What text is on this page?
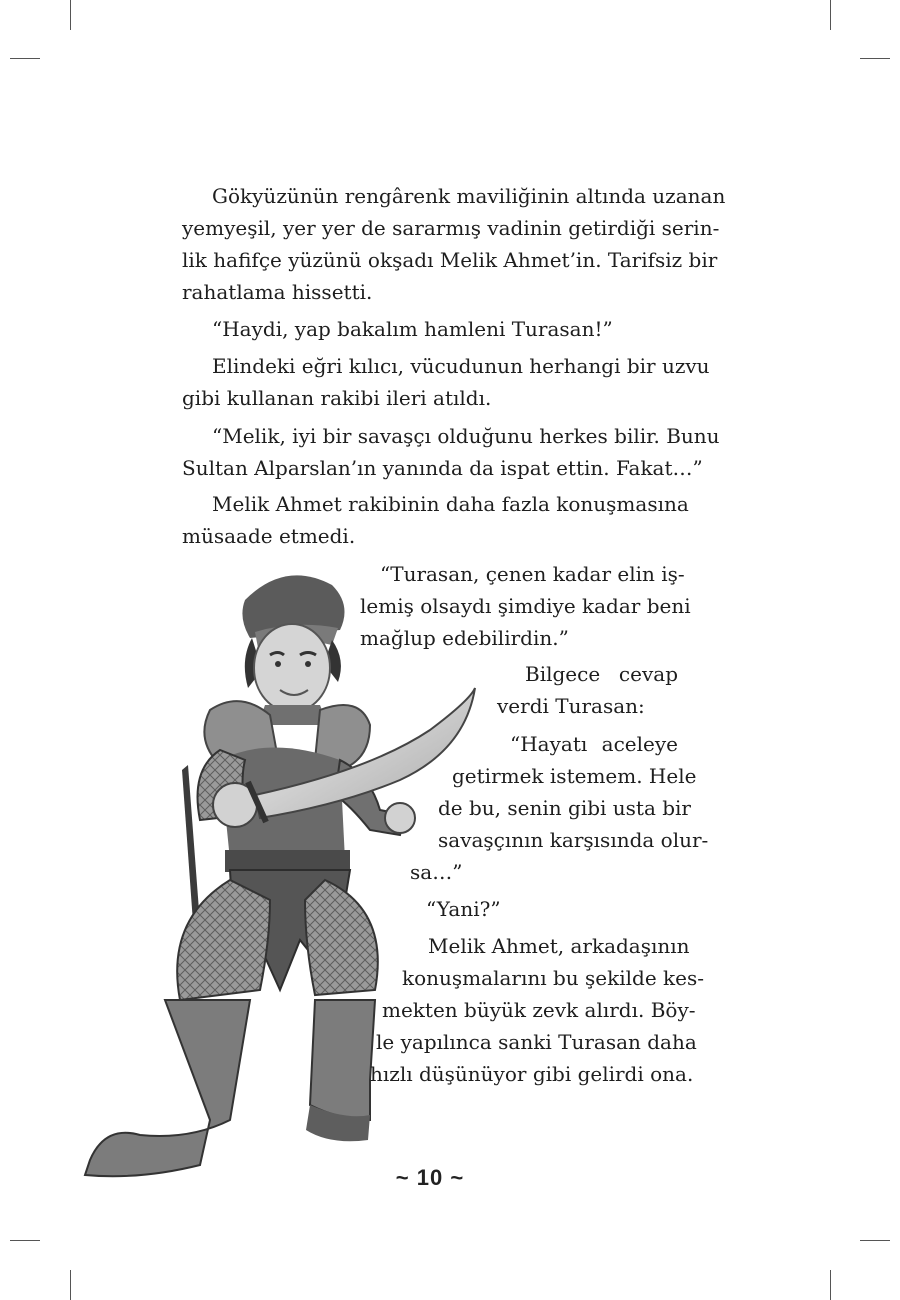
Gökyüzünün rengârenk maviliğinin altında uzanan
yemyeşil, yer yer de sararmış vadinin getirdiği serin-
lik hafifçe yüzünü okşadı Melik Ahmet’in. Tarifsiz bir
rahatlama hissetti.
“Haydi, yap bakalım hamleni Turasan!”
Elindeki eğri kılıcı, vücudunun herhangi bir uzvu
gibi kullanan rakibi ileri atıldı.
“Melik, iyi bir savaşçı olduğunu herkes bilir. Bunu
Sultan Alparslan’ın yanında da ispat ettin. Fakat…”
Melik Ahmet rakibinin daha fazla konuşmasına
müsaade etmedi.
“Turasan, çenen kadar elin iş-
lemiş olsaydı şimdiye kadar beni
mağlup edebilirdin.”
Bilgece cevap
verdi Turasan:
“Hayatı aceleye
getirmek istemem. Hele
de bu, senin gibi usta bir
savaşçının karşısında olur-
sa…”
“Yani?”
Melik Ahmet, arkadaşının
konuşmalarını bu şekilde kes-
mekten büyük zevk alırdı. Böy-
le yapılınca sanki Turasan daha
hızlı düşünüyor gibi gelirdi ona.
~ 10 ~
